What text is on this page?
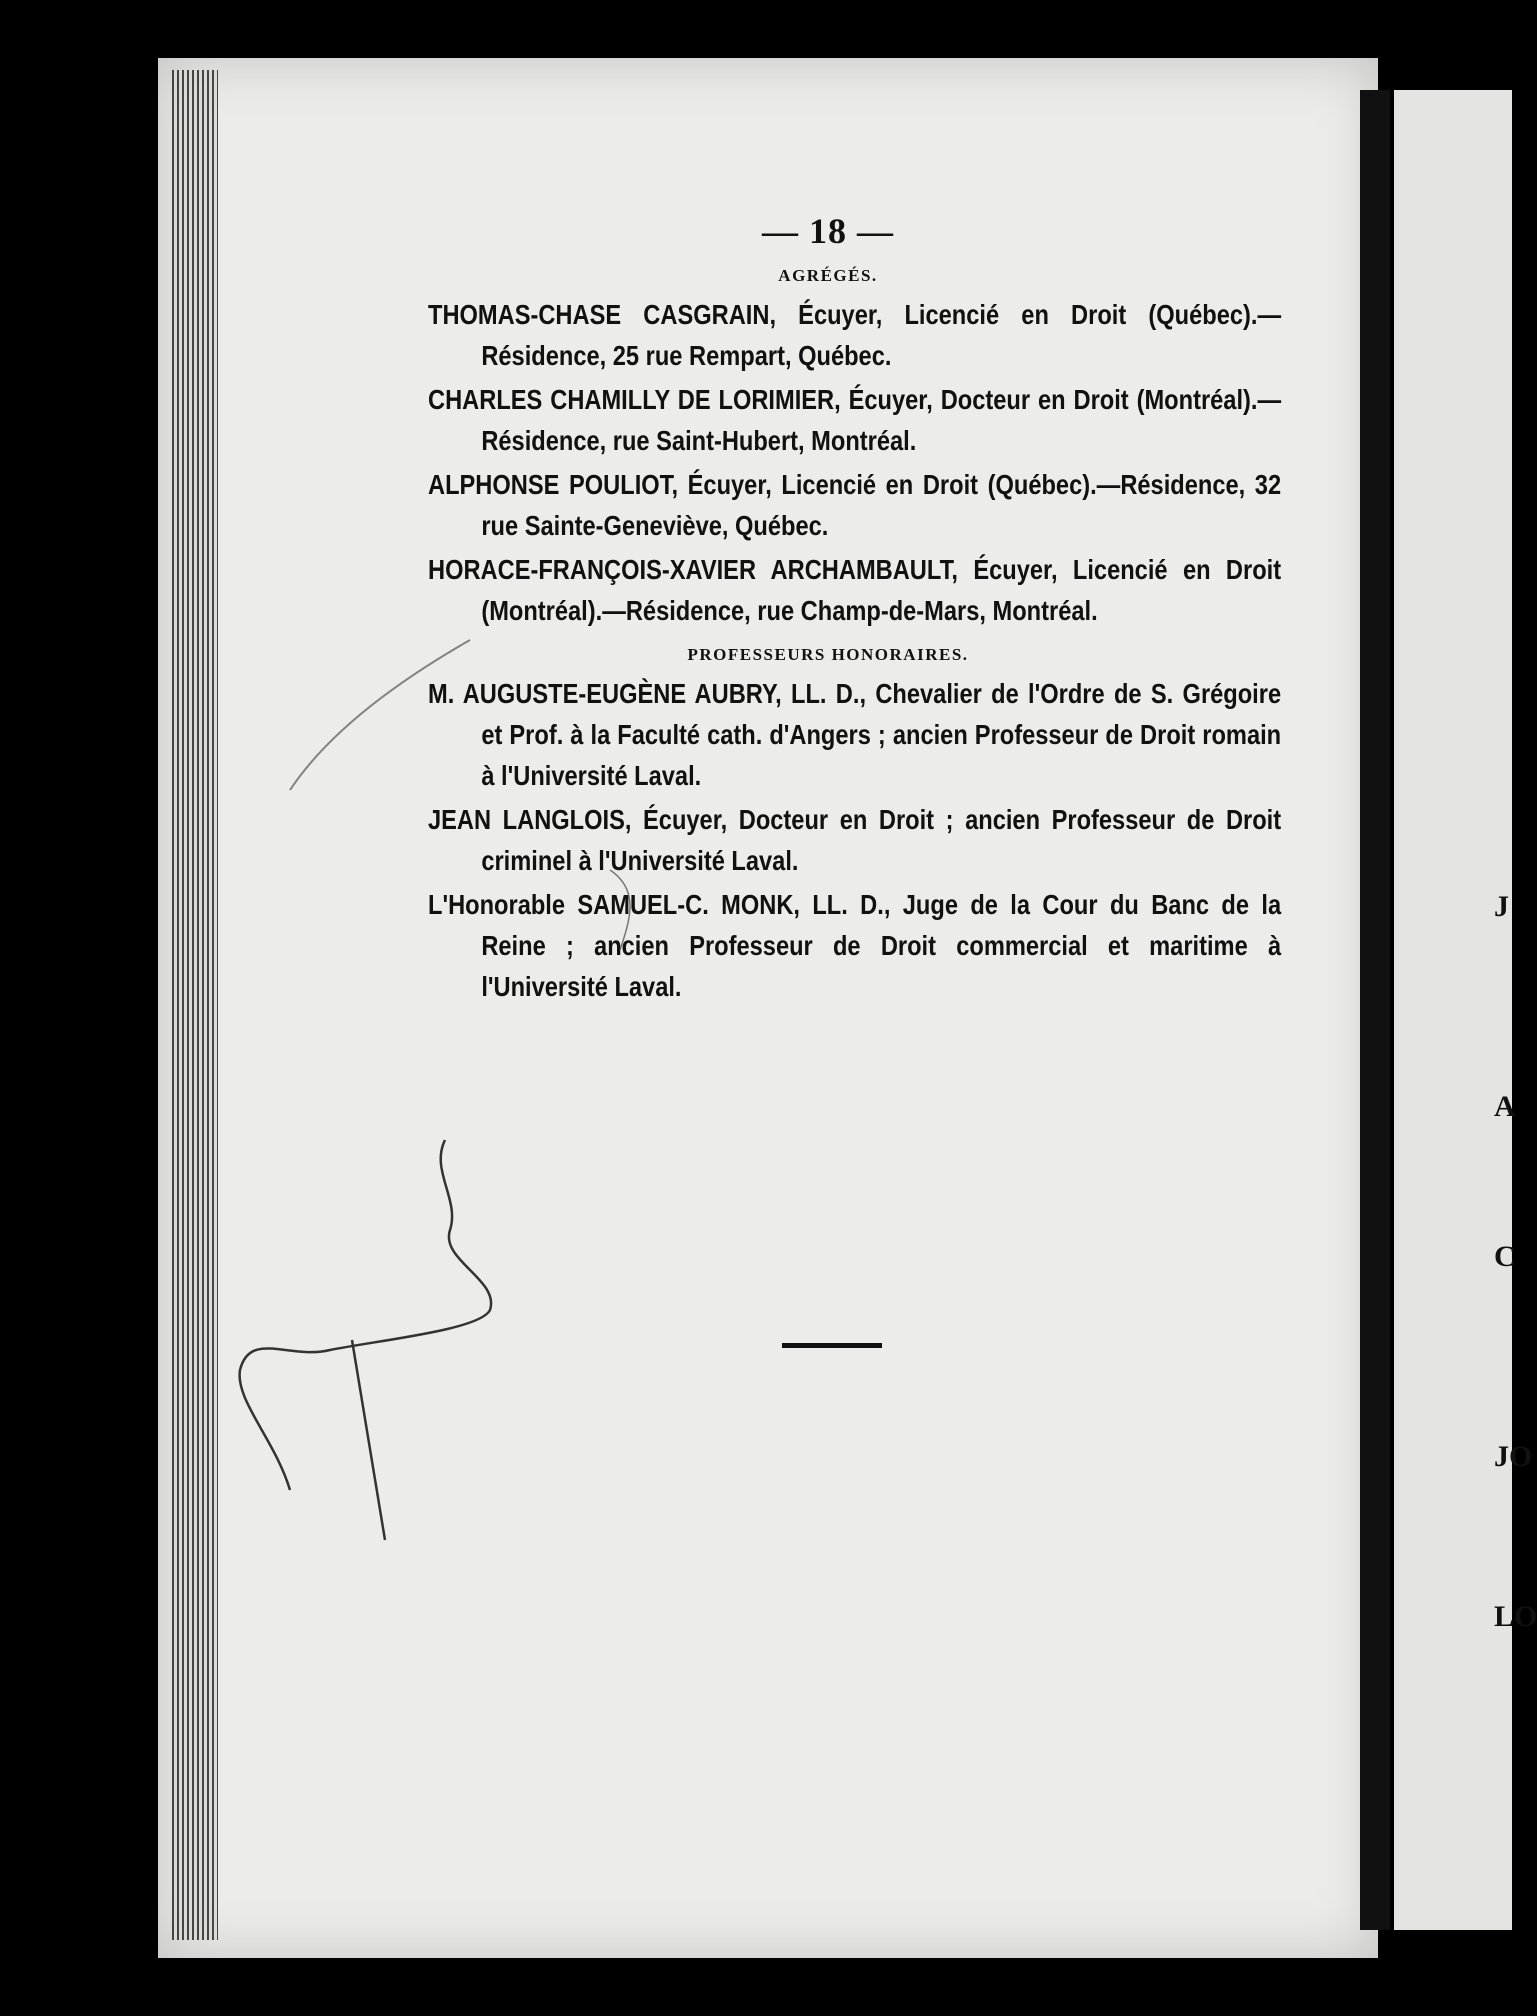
J
A
C
JO
LO
— 18 —
AGRÉGÉS.

THOMAS-CHASE CASGRAIN, Écuyer, Licencié en Droit (Québec).—Résidence, 25 rue Rempart, Québec.

CHARLES CHAMILLY DE LORIMIER, Écuyer, Docteur en Droit (Montréal).—Résidence, rue Saint-Hubert, Montréal.

ALPHONSE POULIOT, Écuyer, Licencié en Droit (Québec).—Résidence, 32 rue Sainte-Geneviève, Québec.

HORACE-FRANÇOIS-XAVIER ARCHAMBAULT, Écuyer, Licencié en Droit (Montréal).—Résidence, rue Champ-de-Mars, Montréal.

PROFESSEURS HONORAIRES.

M. AUGUSTE-EUGÈNE AUBRY, LL. D., Chevalier de l'Ordre de S. Grégoire et Prof. à la Faculté cath. d'Angers ; ancien Professeur de Droit romain à l'Université Laval.

JEAN LANGLOIS, Écuyer, Docteur en Droit ; ancien Professeur de Droit criminel à l'Université Laval.

L'Honorable SAMUEL-C. MONK, LL. D., Juge de la Cour du Banc de la Reine ; ancien Professeur de Droit commercial et maritime à l'Université Laval.
